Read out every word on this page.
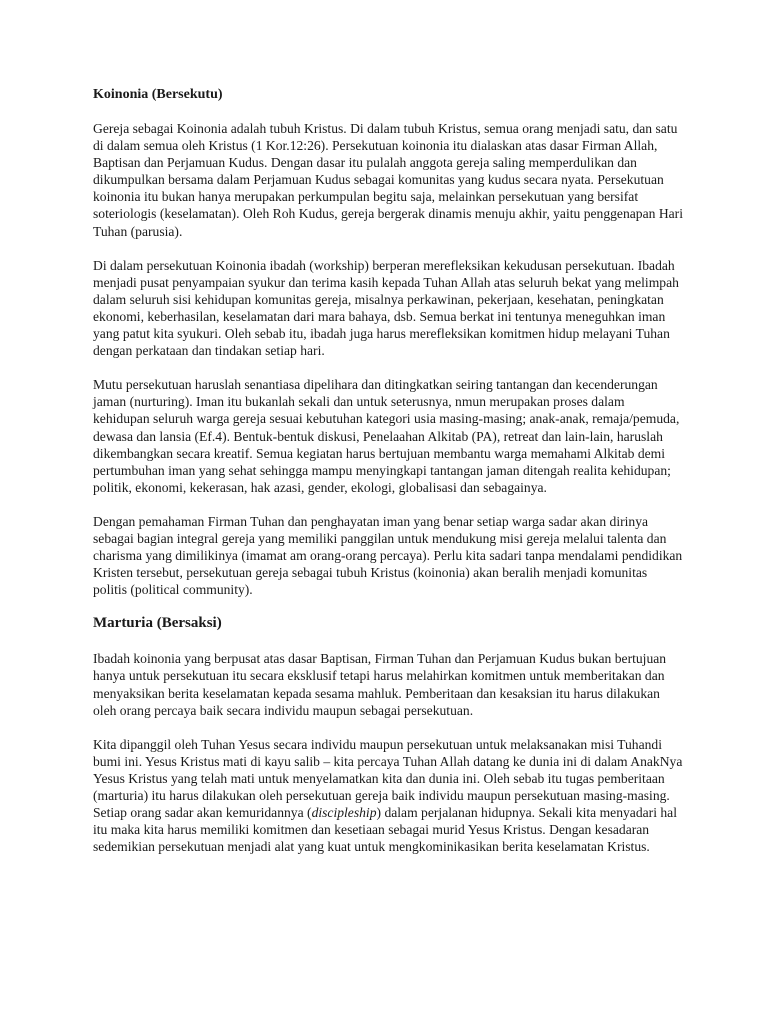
Koinonia (Bersekutu)

Gereja sebagai Koinonia adalah tubuh Kristus. Di dalam tubuh Kristus, semua orang menjadi satu, dan satu di dalam semua oleh Kristus (1 Kor.12:26). Persekutuan koinonia itu dialaskan atas dasar Firman Allah, Baptisan dan Perjamuan Kudus. Dengan dasar itu pulalah anggota gereja saling memperdulikan dan dikumpulkan bersama dalam Perjamuan Kudus sebagai komunitas yang kudus secara nyata. Persekutuan koinonia itu bukan hanya merupakan perkumpulan begitu saja, melainkan persekutuan yang bersifat soteriologis (keselamatan). Oleh Roh Kudus, gereja bergerak dinamis menuju akhir, yaitu penggenapan Hari Tuhan (parusia).

Di dalam persekutuan Koinonia ibadah (workship) berperan merefleksikan kekudusan persekutuan. Ibadah menjadi pusat penyampaian syukur dan terima kasih kepada Tuhan Allah atas seluruh bekat yang melimpah dalam seluruh sisi kehidupan komunitas gereja, misalnya perkawinan, pekerjaan, kesehatan, peningkatan ekonomi, keberhasilan, keselamatan dari mara bahaya, dsb. Semua berkat ini tentunya meneguhkan iman yang patut kita syukuri. Oleh sebab itu, ibadah juga harus merefleksikan komitmen hidup melayani Tuhan dengan perkataan dan tindakan setiap hari.

Mutu persekutuan haruslah senantiasa dipelihara dan ditingkatkan seiring tantangan dan kecenderungan jaman (nurturing). Iman itu bukanlah sekali dan untuk seterusnya, nmun merupakan proses dalam kehidupan seluruh warga gereja sesuai kebutuhan kategori usia masing-masing; anak-anak, remaja/pemuda, dewasa dan lansia (Ef.4). Bentuk-bentuk diskusi, Penelaahan Alkitab (PA), retreat dan lain-lain, haruslah dikembangkan secara kreatif. Semua kegiatan harus bertujuan membantu warga memahami Alkitab demi pertumbuhan iman yang sehat sehingga mampu menyingkapi tantangan jaman ditengah realita kehidupan; politik, ekonomi, kekerasan, hak azasi, gender, ekologi, globalisasi dan sebagainya.

Dengan pemahaman Firman Tuhan dan penghayatan iman yang benar setiap warga sadar akan dirinya sebagai bagian integral gereja yang memiliki panggilan untuk mendukung misi gereja melalui talenta dan charisma yang dimilikinya (imamat am orang-orang percaya). Perlu kita sadari tanpa mendalami pendidikan Kristen tersebut, persekutuan gereja sebagai tubuh Kristus (koinonia) akan beralih menjadi komunitas politis (political community).

Marturia (Bersaksi)

Ibadah koinonia yang berpusat atas dasar Baptisan, Firman Tuhan dan Perjamuan Kudus bukan bertujuan hanya untuk persekutuan itu secara eksklusif tetapi harus melahirkan komitmen untuk memberitakan dan menyaksikan berita keselamatan kepada sesama mahluk. Pemberitaan dan kesaksian itu harus dilakukan oleh orang percaya baik secara individu maupun sebagai persekutuan.

Kita dipanggil oleh Tuhan Yesus secara individu maupun persekutuan untuk melaksanakan misi Tuhandi bumi ini. Yesus Kristus mati di kayu salib – kita percaya Tuhan Allah datang ke dunia ini di dalam AnakNya Yesus Kristus yang telah mati untuk menyelamatkan kita dan dunia ini. Oleh sebab itu tugas pemberitaan (marturia) itu harus dilakukan oleh persekutuan gereja baik individu maupun persekutuan masing-masing. Setiap orang sadar akan kemuridannya (discipleship) dalam perjalanan hidupnya. Sekali kita menyadari hal itu maka kita harus memiliki komitmen dan kesetiaan sebagai murid Yesus Kristus. Dengan kesadaran sedemikian persekutuan menjadi alat yang kuat untuk mengkominikasikan berita keselamatan Kristus.
